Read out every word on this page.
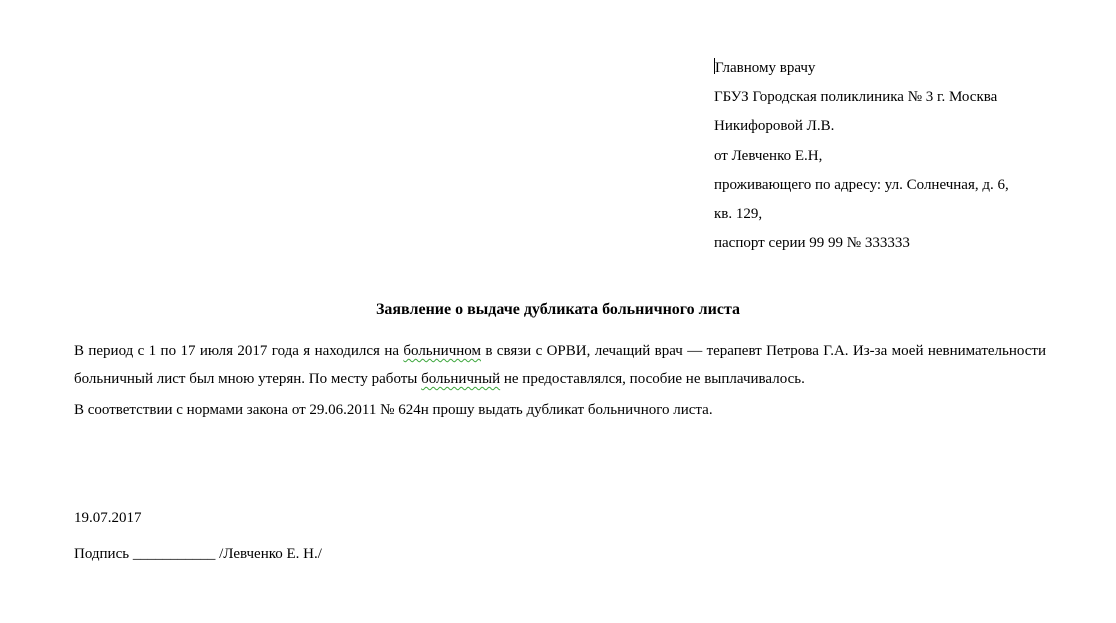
Главному врачу
ГБУЗ Городская поликлиника № 3 г. Москва
Никифоровой Л.В.
от Левченко Е.Н,
проживающего по адресу: ул. Солнечная, д. 6,
кв. 129,
паспорт серии 99 99 № 333333
Заявление о выдаче дубликата больничного листа

В период с 1 по 17 июля 2017 года я находился на больничном в связи с ОРВИ, лечащий врач — терапевт Петрова Г.А. Из-за моей невнимательности больничный лист был мною утерян. По месту работы больничный не предоставлялся, пособие не выплачивалось.

В соответствии с нормами закона от 29.06.2011 № 624н прошу выдать дубликат больничного листа.

19.07.2017
Подпись ___________ /Левченко Е. Н./
